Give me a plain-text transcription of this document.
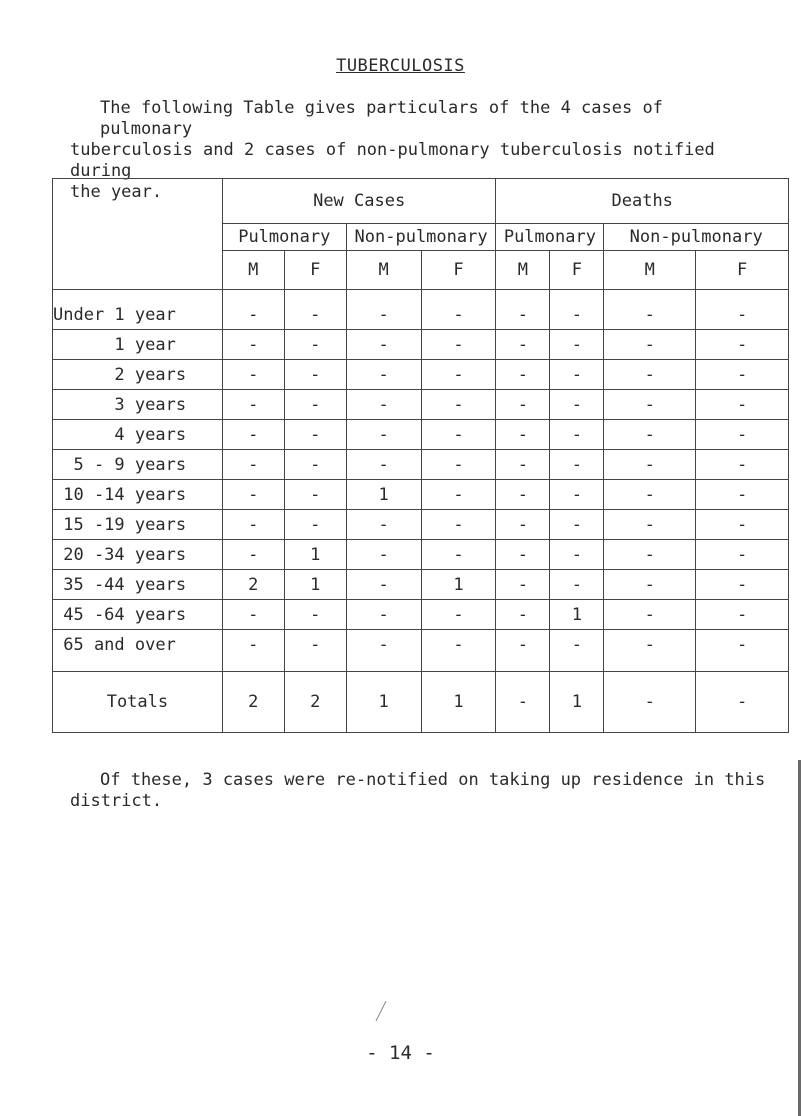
TUBERCULOSIS

The following Table gives particulars of the 4 cases of pulmonary
tuberculosis and 2 cases of non-pulmonary tuberculosis notified during
the year.

		New Cases				Deaths			
	Pulmonary		Non-pulmonary		Pulmonary		Non-pulmonary	
	M	F	M	F	M	F	M	F
Under 1 year	-	-	-	-	-	-	-	-
1 year	-	-	-	-	-	-	-	-
2 years	-	-	-	-	-	-	-	-
3 years	-	-	-	-	-	-	-	-
4 years	-	-	-	-	-	-	-	-
5 - 9 years	-	-	-	-	-	-	-	-
10 -14 years	-	-	1	-	-	-	-	-
15 -19 years	-	-	-	-	-	-	-	-
20 -34 years	-	1	-	-	-	-	-	-
35 -44 years	2	1	-	1	-	-	-	-
45 -64 years	-	-	-	-	-	1	-	-
65 and over	-	-	-	-	-	-	-	-
Totals	2	2	1	1	-	1	-	-

Of these, 3 cases were re-notified on taking up residence in this
district.

- 14 -
